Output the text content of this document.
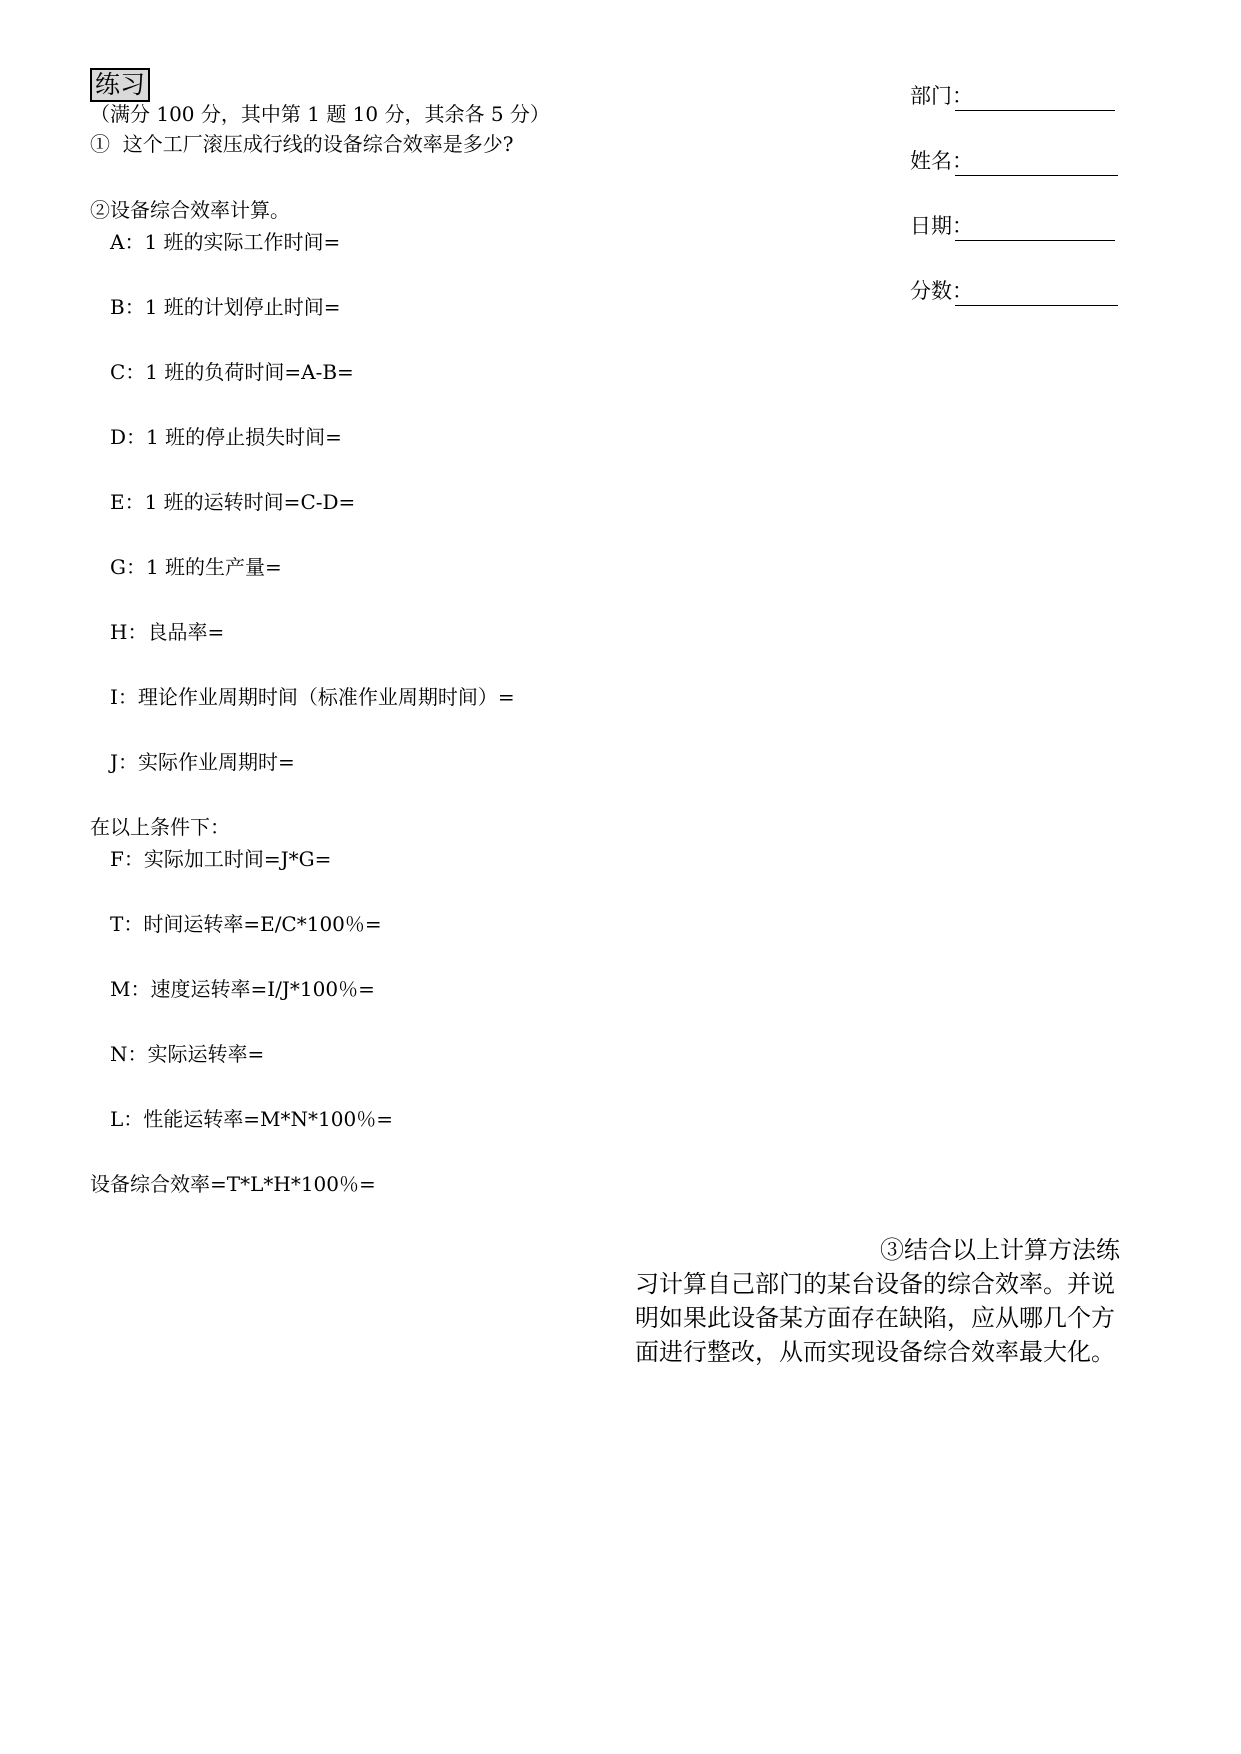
练习
（满分 100 分，其中第 1 题 10 分，其余各 5 分）
①  这个工厂滚压成行线的设备综合效率是多少?
②设备综合效率计算。
A：1 班的实际工作时间=
B：1 班的计划停止时间=
C：1 班的负荷时间=A-B=
D：1 班的停止损失时间=
E：1 班的运转时间=C-D=
G：1 班的生产量=
H：良品率=
I：理论作业周期时间（标准作业周期时间）=
J：实际作业周期时=
在以上条件下：
F：实际加工时间=J*G=
T：时间运转率=E/C*100％=
M：速度运转率=I/J*100％=
N：实际运转率=
L：性能运转率=M*N*100％=
设备综合效率=T*L*H*100％=
③结合以上计算方法练
习计算自己部门的某台设备的综合效率。并说
明如果此设备某方面存在缺陷，应从哪几个方
面进行整改，从而实现设备综合效率最大化。
部门：
姓名：
日期：
分数：
